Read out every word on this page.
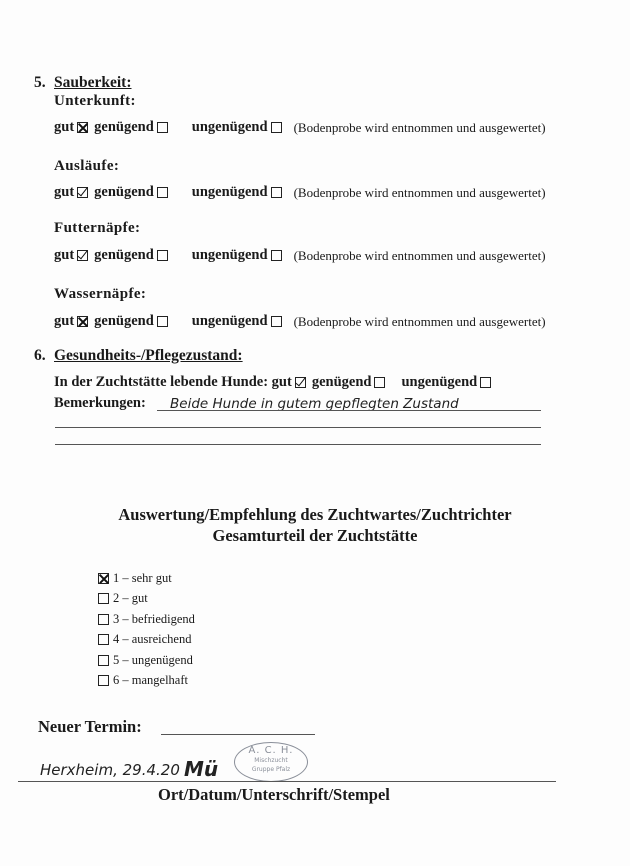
5. Sauberkeit:
Unterkunft:
gut genügend	ungenügend (Bodenprobe wird entnommen und ausgewertet)
Ausläufe:
gut genügend	ungenügend (Bodenprobe wird entnommen und ausgewertet)
Futternäpfe:
gut genügend	ungenügend (Bodenprobe wird entnommen und ausgewertet)
Wassernäpfe:
gut genügend	ungenügend (Bodenprobe wird entnommen und ausgewertet)
6. Gesundheits-/Pflegezustand:
In der Zuchtstätte lebende Hunde:
gut genügend ungenügend
Bemerkungen: Beide Hunde in gutem gepflegten Zustand
Auswertung/Empfehlung des Zuchtwartes/Zuchtrichter
Gesamturteil der Zuchtstätte
1 – sehr gut
2 – gut
3 – befriedigend
4 – ausreichend
5 – ungenügend
6 – mangelhaft
Neuer Termin:
Herxheim, 29.4.20 Mü
A. C. H.
Mischzucht
Gruppe Pfalz
Ort/Datum/Unterschrift/Stempel
